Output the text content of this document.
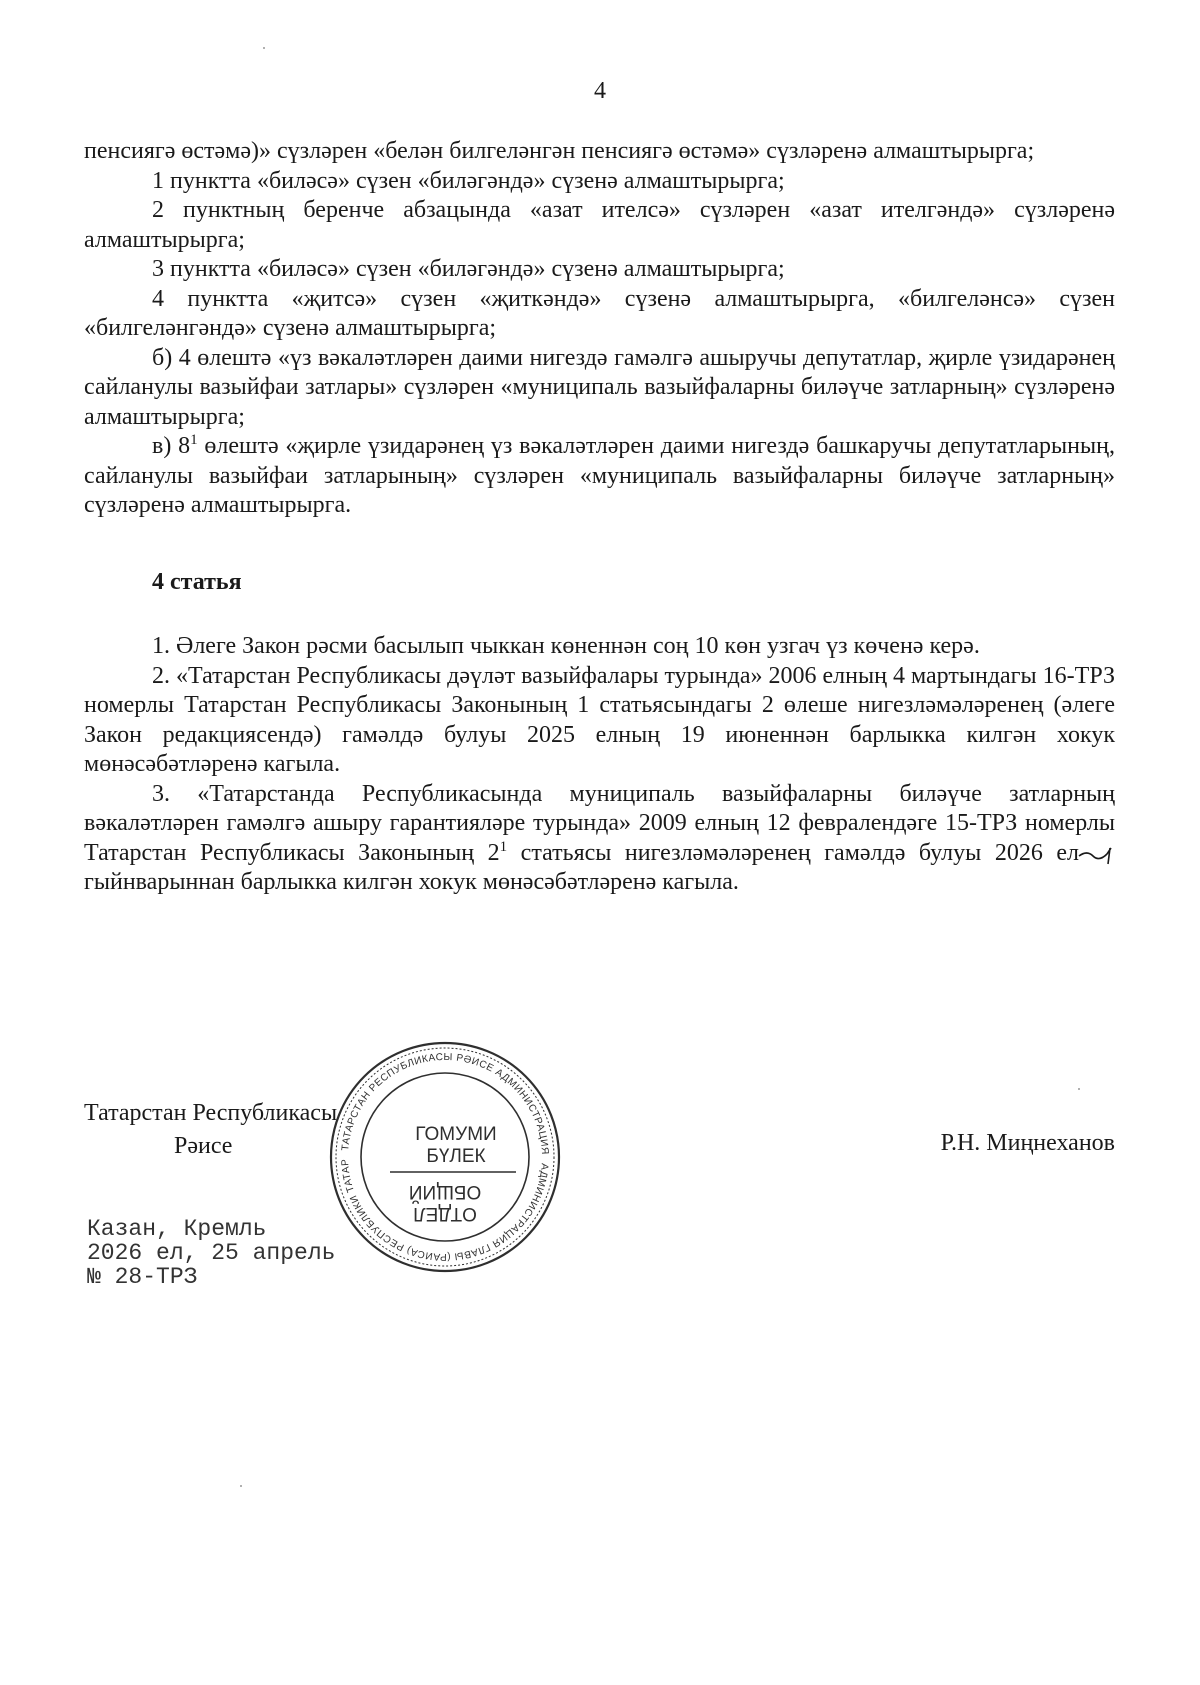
4

пенсиягә өстәмә)» сүзләрен «белән билгеләнгән пенсиягә өстәмә» сүзләренә алмаштырырга;

1 пунктта «биләсә» сүзен «биләгәндә» сүзенә алмаштырырга;

2 пунктның беренче абзацында «азат ителсә» сүзләрен «азат ителгәндә» сүзләренә алмаштырырга;

3 пунктта «биләсә» сүзен «биләгәндә» сүзенә алмаштырырга;

4 пунктта «җитсә» сүзен «җиткәндә» сүзенә алмаштырырга, «билгеләнсә» сүзен «билгеләнгәндә» сүзенә алмаштырырга;

б) 4 өлештә «үз вәкаләтләрен даими нигездә гамәлгә ашыручы депутатлар, җирле үзидарәнең сайланулы вазыйфаи затлары» сүзләрен «муниципаль вазыйфаларны биләүче затларның» сүзләренә алмаштырырга;

в) $8^1$ өлештә «җирле үзидарәнең үз вәкаләтләрен даими нигездә башкаручы депутатларының, сайланулы вазыйфаи затларының» сүзләрен «муниципаль вазыйфаларны биләүче затларның» сүзләренә алмаштырырга.

4 статья

1. Әлеге Закон рәсми басылып чыккан көненнән соң 10 көн узгач үз көченә керә.

2. «Татарстан Республикасы дәүләт вазыйфалары турында» 2006 елның 4 мартындагы 16-ТРЗ номерлы Татарстан Республикасы Законының 1 статьясындагы 2 өлеше нигезләмәләренең (әлеге Закон редакциясендә) гамәлдә булуы 2025 елның 19 июненнән барлыкка килгән хокук мөнәсәбәтләренә кагыла.

3. «Татарстанда Республикасында муниципаль вазыйфаларны биләүче затларның вәкаләтләрен гамәлгә ашыру гарантияләре турында» 2009 елның 12 февралендәге 15-ТРЗ номерлы Татарстан Республикасы Законының $2^1$ статьясы нигезләмәләренең гамәлдә булуы 2026 ел гыйнварыннан барлыкка килгән хокук мөнәсәбәтләренә кагыла.

Татарстан Республикасы
Рәисе	Р.Н. Миңнеханов
Казан, Кремль
2026 ел, 25 апрель
№ 28-ТРЗ
ТАТАРСТАН РЕСПУБЛИКАСЫ РӘИСЕ АДМИНИСТРАЦИЯ
АДМИНИСТРАЦИЯ ГЛАВЫ (РАИСА) РЕСПУБЛИКИ ТАТАР
ГОМУМИ
БҮЛЕК
ОТДЕЛ
ОБЩИЙ
